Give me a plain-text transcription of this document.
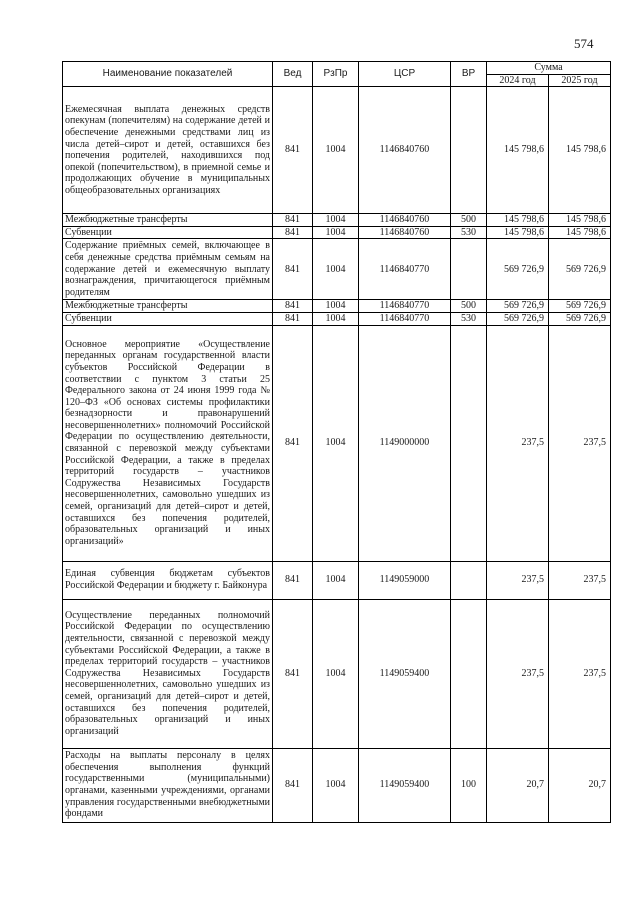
574
Наименование показателей	Вед	РзПр	ЦСР	ВР	Сумма	
					2024 год	2025 год
Ежемесячная выплата денежных средств опекунам (попечителям) на содержание детей и обеспечение денежными средствами лиц из числа детей–сирот и детей, оставшихся без попечения родителей, находившихся под опекой (попечительством), в приемной семье и продолжающих обучение в муниципальных общеобразовательных организациях	841	1004	1146840760		145 798,6	145 798,6
Межбюджетные трансферты	841	1004	1146840760	500	145 798,6	145 798,6
Субвенции	841	1004	1146840760	530	145 798,6	145 798,6
Содержание приёмных семей, включающее в себя денежные средства приёмным семьям на содержание детей и ежемесячную выплату вознаграждения, причитающегося приёмным родителям	841	1004	1146840770		569 726,9	569 726,9
Межбюджетные трансферты	841	1004	1146840770	500	569 726,9	569 726,9
Субвенции	841	1004	1146840770	530	569 726,9	569 726,9
Основное мероприятие «Осуществление переданных органам государственной власти субъектов Российской Федерации в соответствии с пунктом 3 статьи 25 Федерального закона от 24 июня 1999 года № 120–ФЗ «Об основах системы профилактики безнадзорности и правонарушений несовершеннолетних» полномочий Российской Федерации по осуществлению деятельности, связанной с перевозкой между субъектами Российской Федерации, а также в пределах территорий государств – участников Содружества Независимых Государств несовершеннолетних, самовольно ушедших из семей, организаций для детей–сирот и детей, оставшихся без попечения родителей, образовательных организаций и иных организаций»	841	1004	1149000000		237,5	237,5
Единая субвенция бюджетам субъектов Российской Федерации и бюджету г. Байконура	841	1004	1149059000		237,5	237,5
Осуществление переданных полномочий Российской Федерации по осуществлению деятельности, связанной с перевозкой между субъектами Российской Федерации, а также в пределах территорий государств – участников Содружества Независимых Государств несовершеннолетних, самовольно ушедших из семей, организаций для детей–сирот и детей, оставшихся без попечения родителей, образовательных организаций и иных организаций	841	1004	1149059400		237,5	237,5
Расходы на выплаты персоналу в целях обеспечения выполнения функций государственными (муниципальными) органами, казенными учреждениями, органами управления государственными внебюджетными фондами	841	1004	1149059400	100	20,7	20,7
